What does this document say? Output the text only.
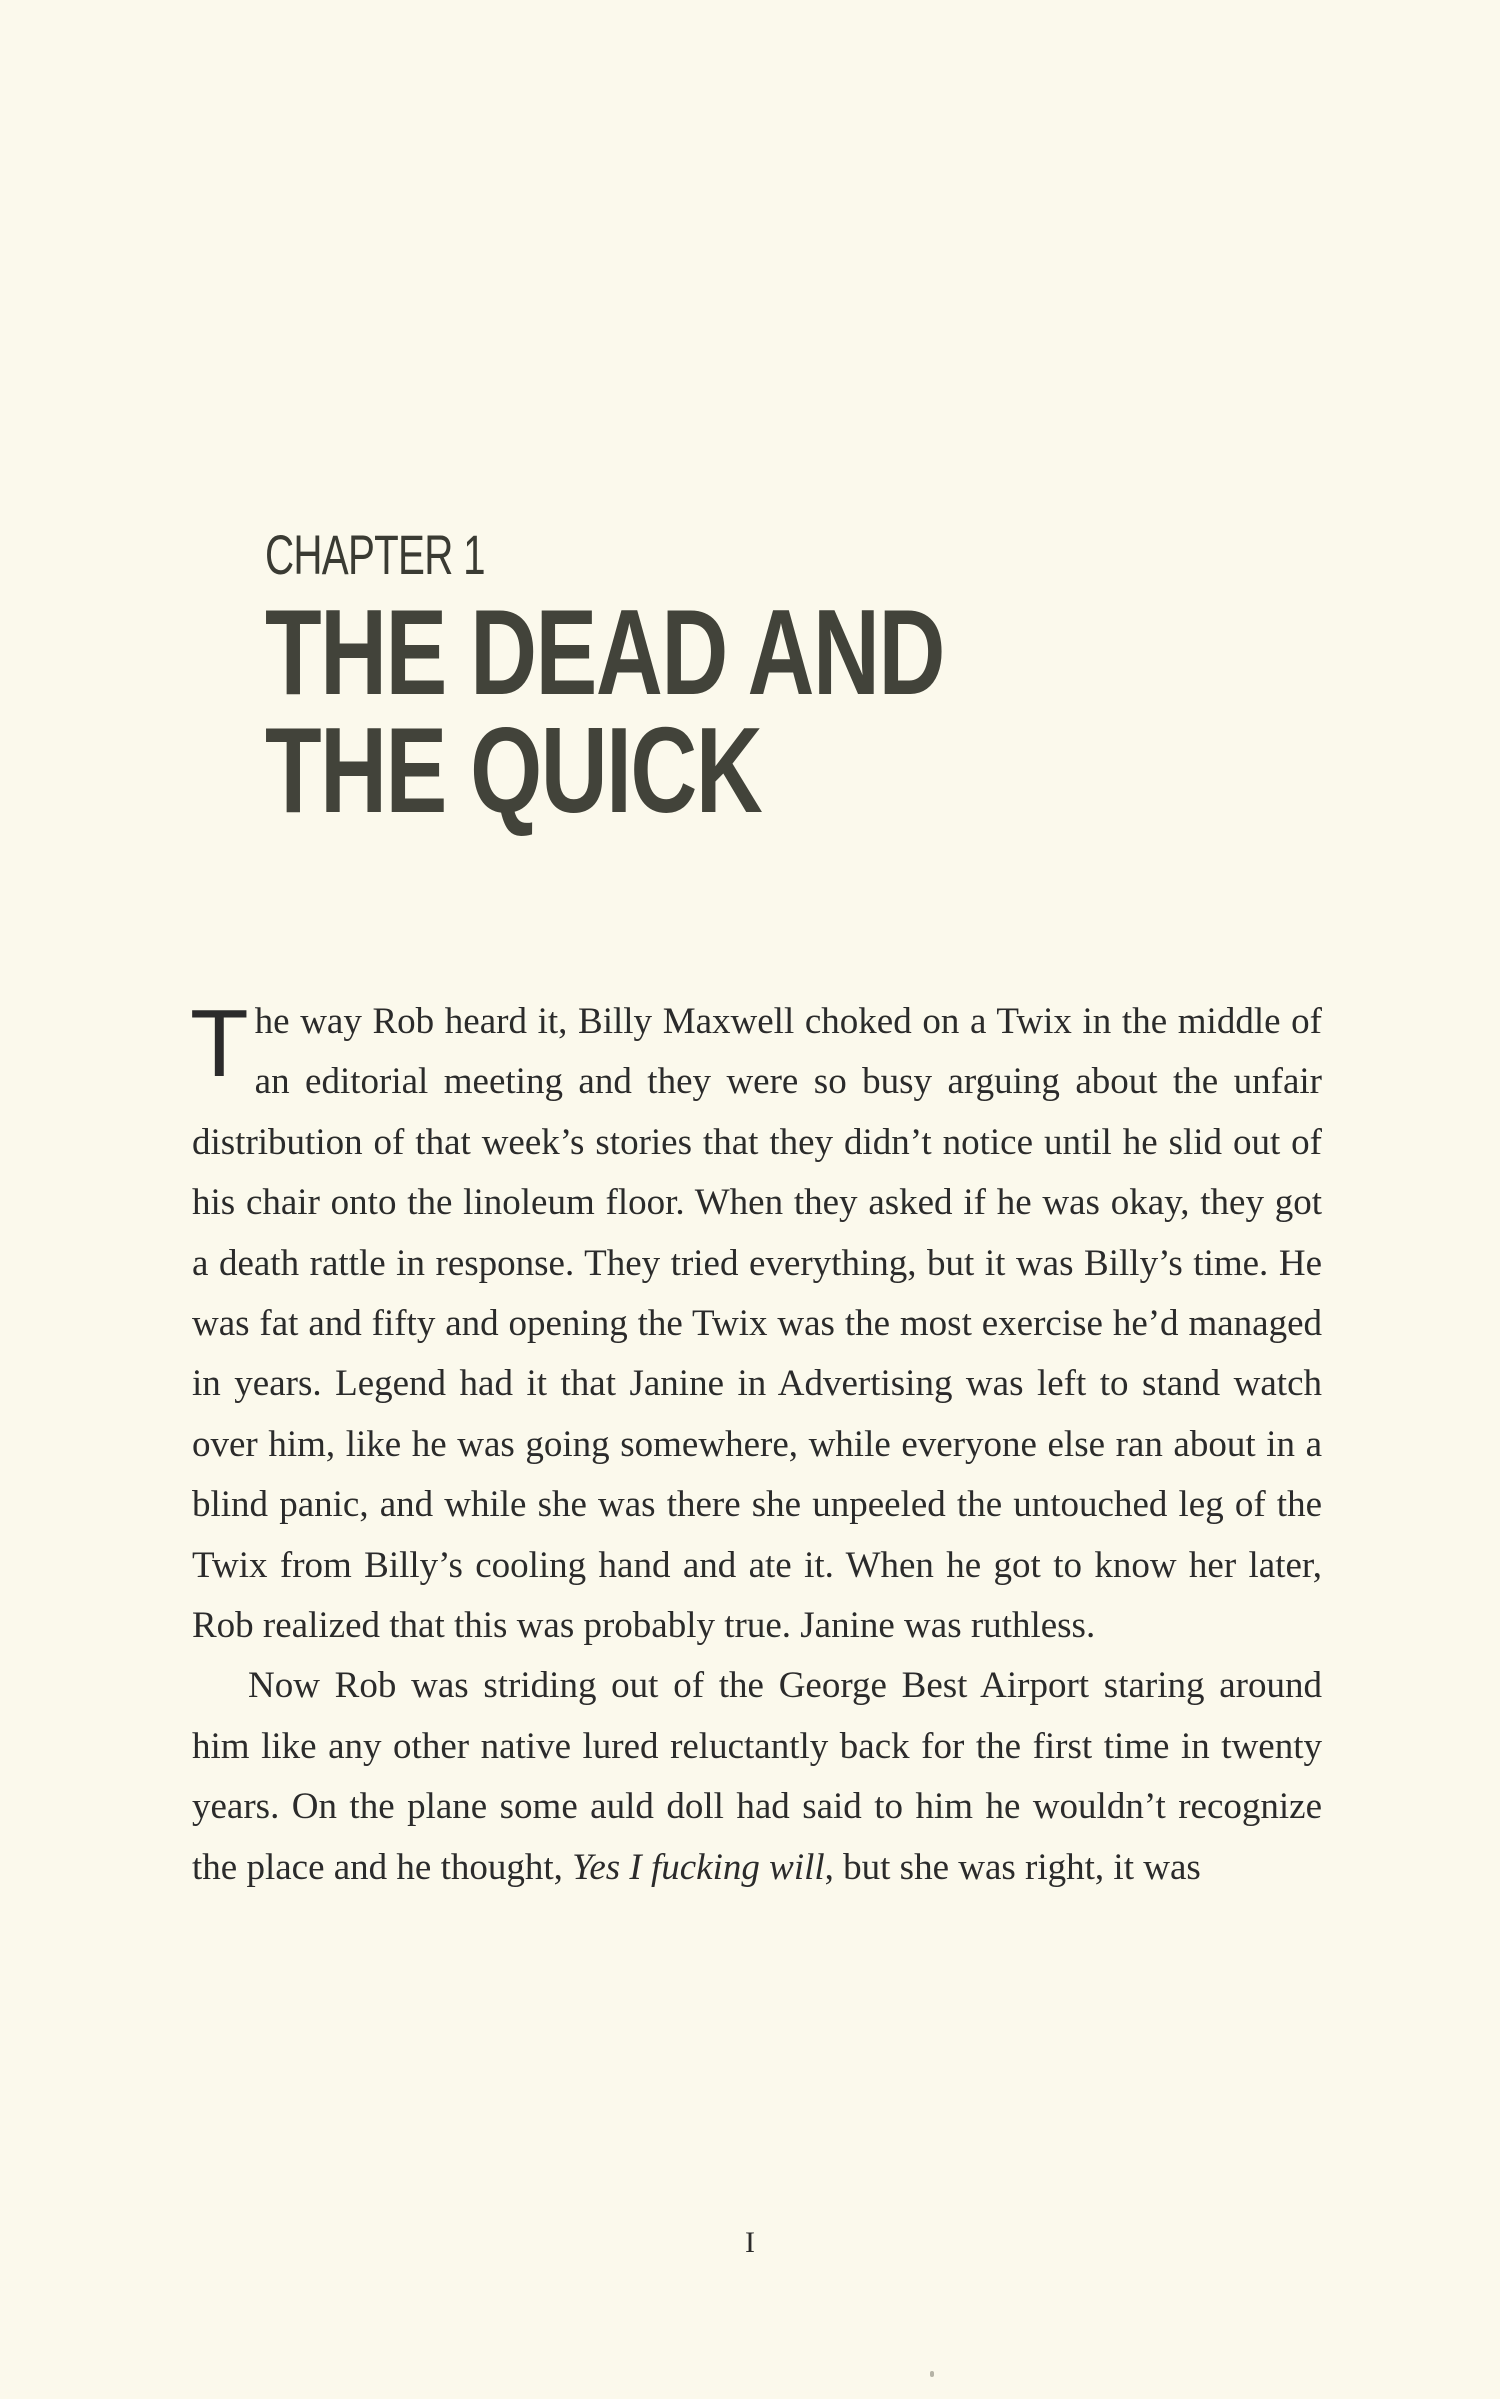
CHAPTER 1
THE DEAD AND
THE QUICK

The way Rob heard it, Billy Maxwell choked on a Twix in the middle of an editorial meeting and they were so busy arguing about the unfair distribution of that week’s stories that they didn’t notice until he slid out of his chair onto the linoleum floor. When they asked if he was okay, they got a death rattle in response. They tried everything, but it was Billy’s time. He was fat and fifty and opening the Twix was the most exercise he’d managed in years. Legend had it that Janine in Advertising was left to stand watch over him, like he was going somewhere, while everyone else ran about in a blind panic, and while she was there she unpeeled the untouched leg of the Twix from Billy’s cooling hand and ate it. When he got to know her later, Rob realized that this was probably true. Janine was ruthless.

Now Rob was striding out of the George Best Airport staring around him like any other native lured reluctantly back for the first time in twenty years. On the plane some auld doll had said to him he wouldn’t recognize the place and he thought, Yes I fucking will, but she was right, it was

I
